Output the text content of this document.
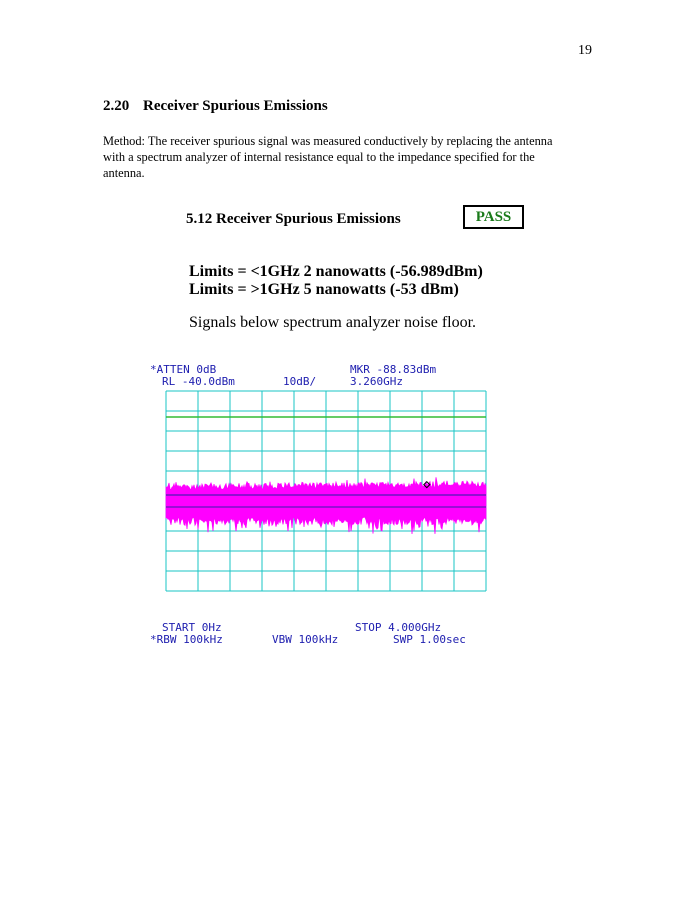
19
2.20 Receiver Spurious Emissions
Method: The receiver spurious signal was measured conductively by replacing the antenna with a spectrum analyzer of internal resistance equal to the impedance specified for the antenna.
5.12 Receiver Spurious Emissions	PASS
Limits = <1GHz 2 nanowatts (-56.989dBm)
Limits = >1GHz 5 nanowatts (-53 dBm)
Signals below spectrum analyzer noise floor.
*ATTEN 0dB
RL -40.0dBm	10dB/
MKR -88.83dBm
3.260GHz
START 0Hz	STOP 4.000GHz
*RBW 100kHz	VBW 100kHz	SWP 1.00sec
